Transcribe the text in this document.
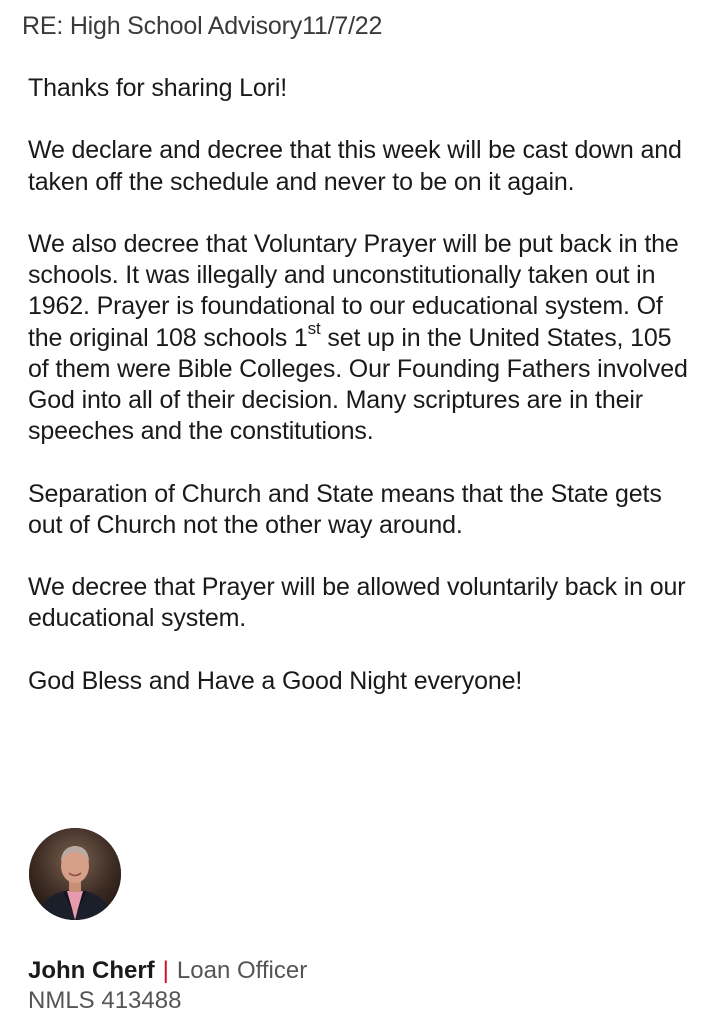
RE: High School Advisory11/7/22

Thanks for sharing Lori!

We declare and decree that this week will be cast down and taken off the schedule and never to be on it again.

We also decree that Voluntary Prayer will be put back in the schools. It was illegally and unconstitutionally taken out in 1962. Prayer is foundational to our educational system. Of the original 108 schools 1st set up in the United States, 105 of them were Bible Colleges. Our Founding Fathers involved God into all of their decision. Many scriptures are in their speeches and the constitutions.

Separation of Church and State means that the State gets out of Church not the other way around.

We decree that Prayer will be allowed voluntarily back in our educational system.

God Bless and Have a Good Night everyone!

John Cherf | Loan Officer
NMLS 413488
